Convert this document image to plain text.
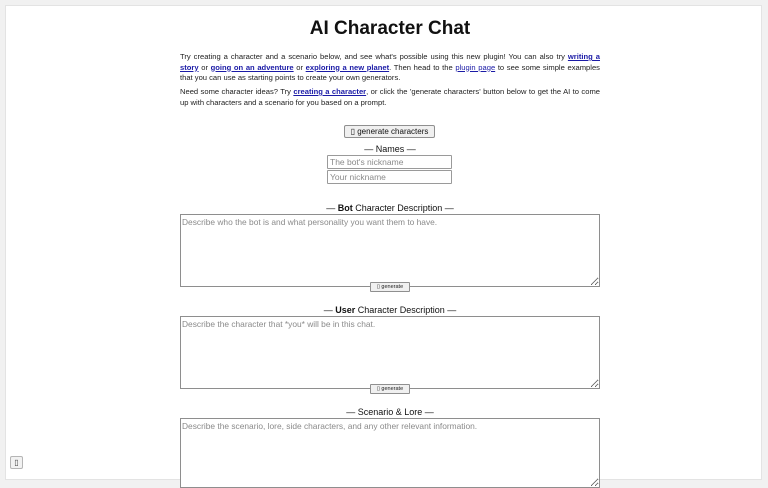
AI Character Chat

Try creating a character and a scenario below, and see what's possible using this new plugin! You can also try writing a story or going on an adventure or exploring a new planet. Then head to the plugin page to see some simple examples that you can use as starting points to create your own generators.

Need some character ideas? Try creating a character, or click the 'generate characters' button below to get the AI to come up with characters and a scenario for you based on a prompt.

▯ generate characters
— Names —
The bot's nickname
Your nickname
— Bot Character Description —
Describe who the bot is and what personality you want them to have.
▯ generate
— User Character Description —
Describe the character that *you* will be in this chat.
▯ generate
— Scenario & Lore —
Describe the scenario, lore, side characters, and any other relevant information.
▯
